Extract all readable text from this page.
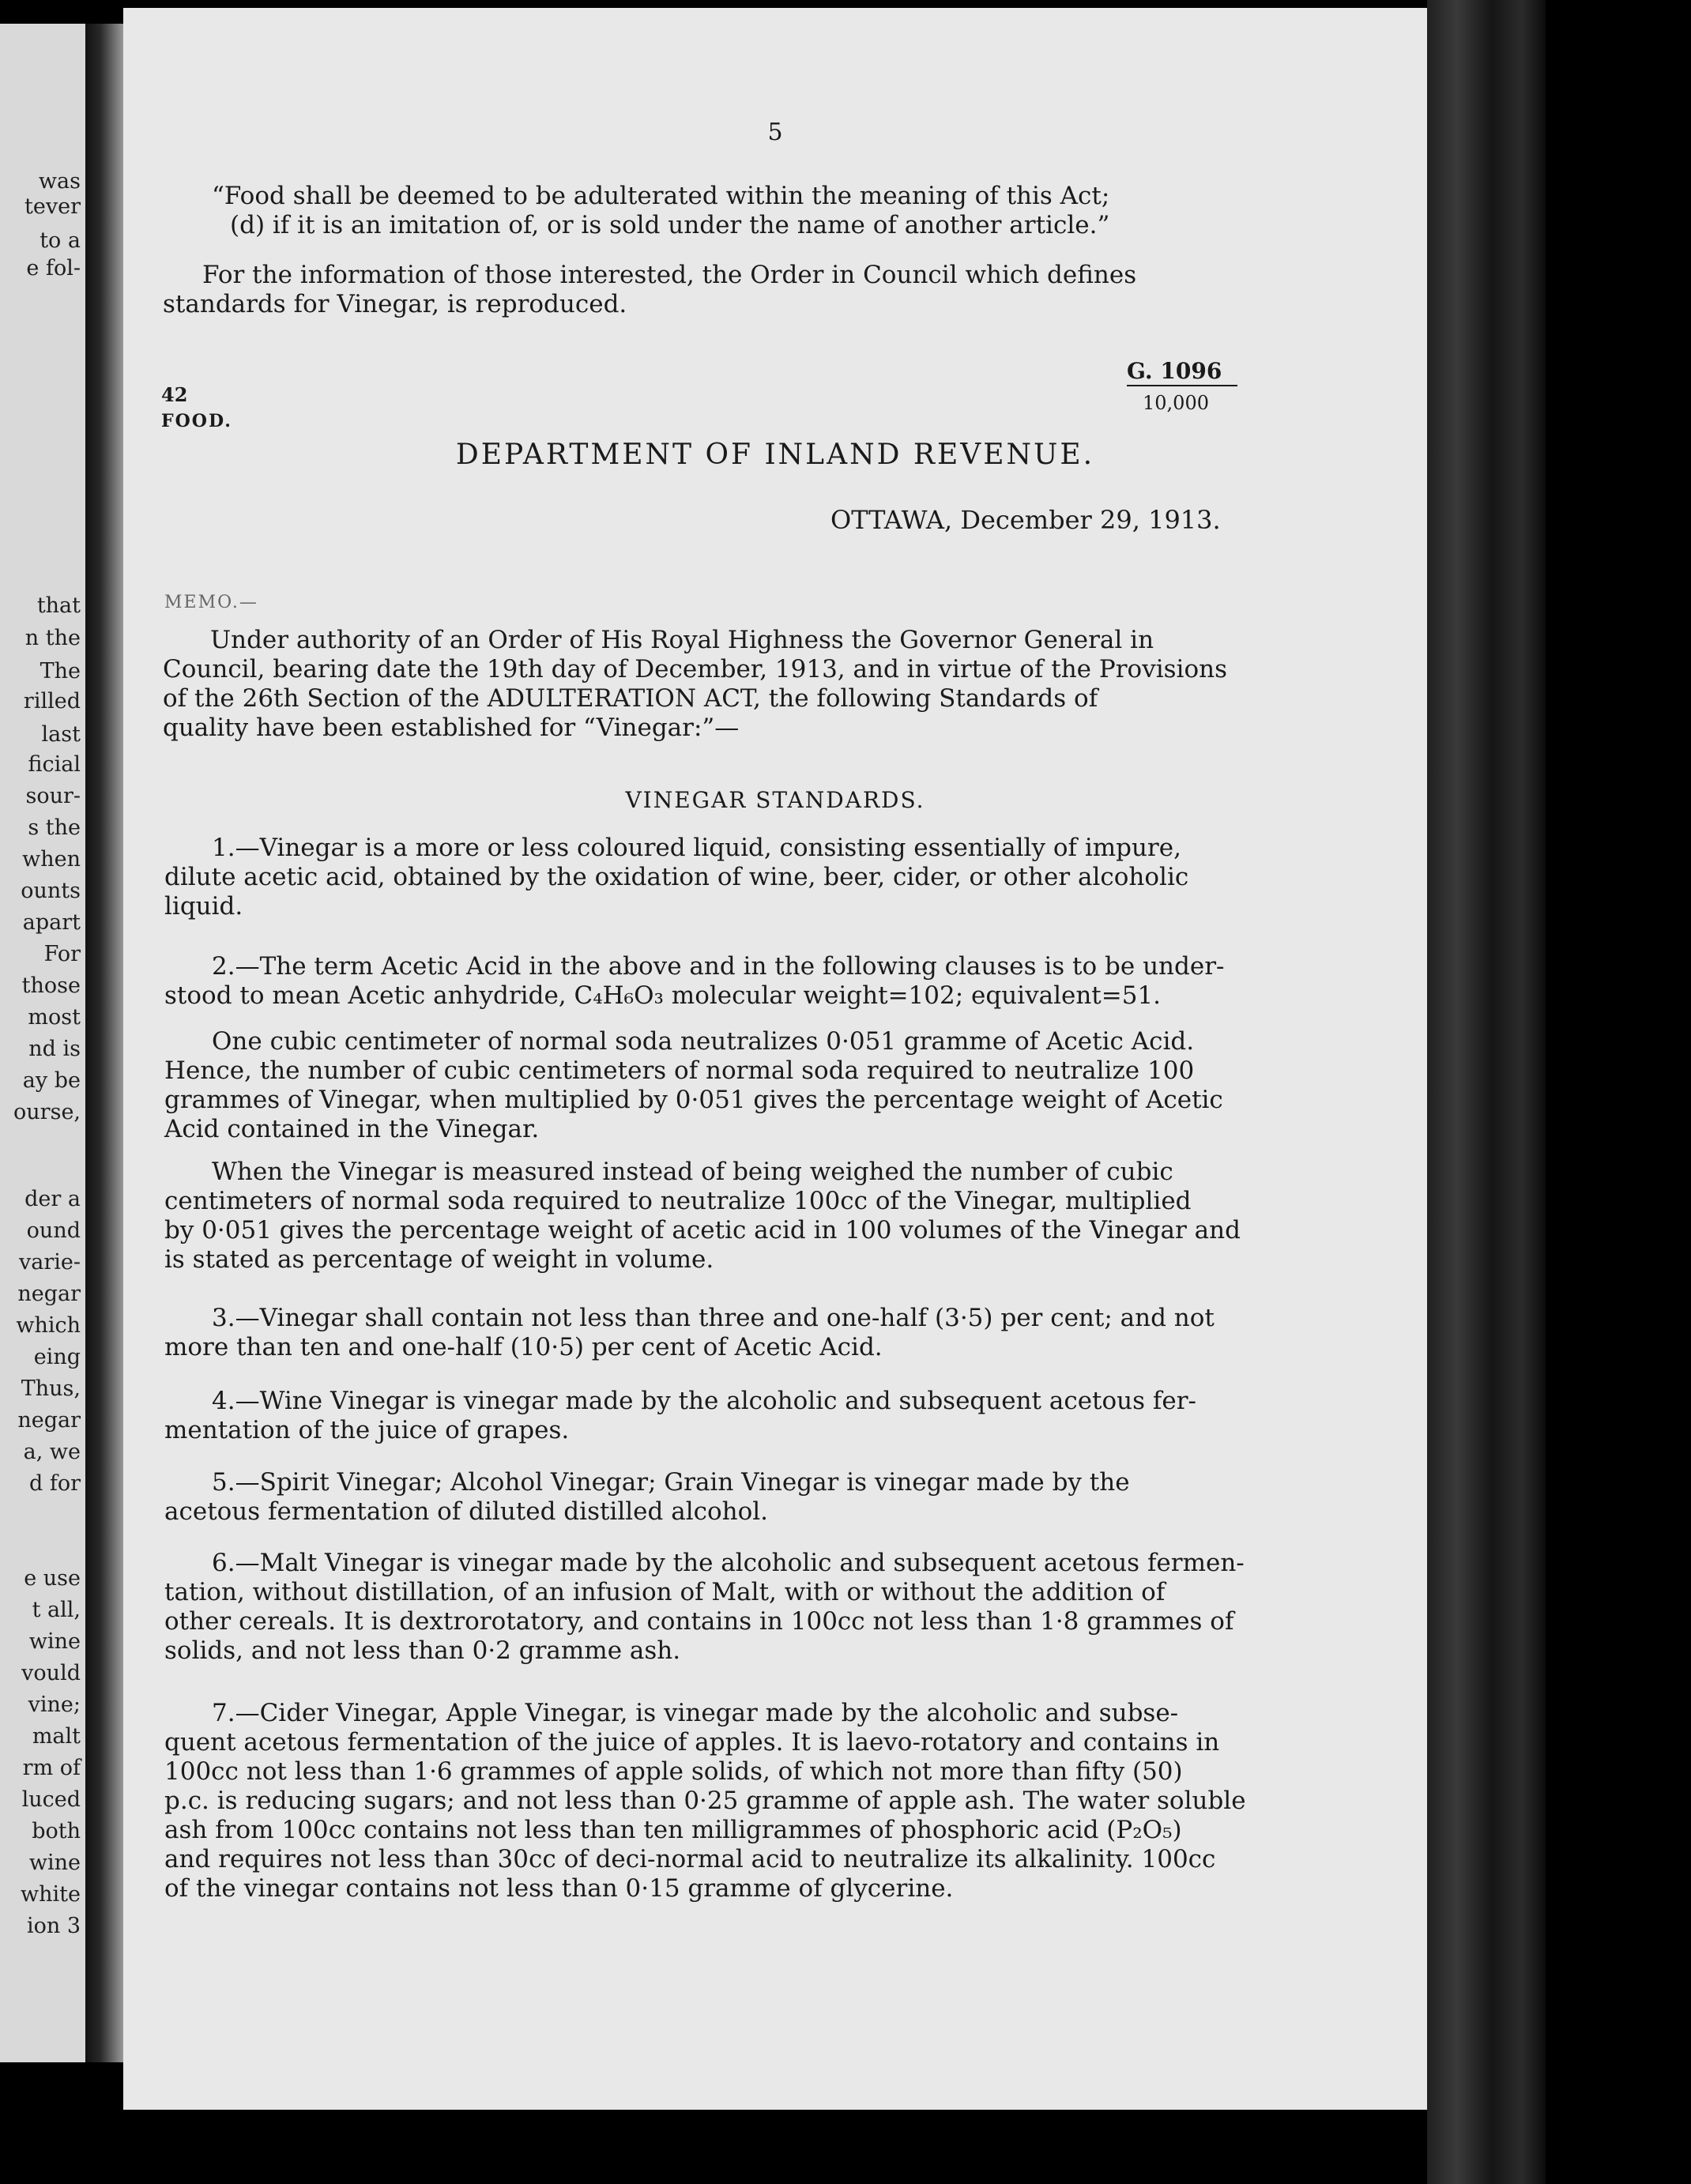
was
tever
to a
e fol-
that
n the
The
rilled
last
ficial
sour-
s the
when
ounts
apart
For
those
most
nd is
ay be
ourse,
der a
ound
varie-
negar
which
eing
Thus,
negar
a, we
d for
e use
t all,
wine
vould
vine;
malt
rm of
luced
both
wine
white
ion 3
5
“Food shall be deemed to be adulterated within the meaning of this Act;
(d) if it is an imitation of, or is sold under the name of another article.”
For the information of those interested, the Order in Council which defines
standards for Vinegar, is reproduced.
42
FOOD.
G. 1096
10,000
DEPARTMENT OF INLAND REVENUE.
OTTAWA, December 29, 1913.
MEMO.—
Under authority of an Order of His Royal Highness the Governor General in
Council, bearing date the 19th day of December, 1913, and in virtue of the Provisions
of the 26th Section of the ADULTERATION ACT, the following Standards of
quality have been established for “Vinegar:”—
VINEGAR STANDARDS.
1.—Vinegar is a more or less coloured liquid, consisting essentially of impure,
dilute acetic acid, obtained by the oxidation of wine, beer, cider, or other alcoholic
liquid.
2.—The term Acetic Acid in the above and in the following clauses is to be under-
stood to mean Acetic anhydride, C₄H₆O₃ molecular weight=102; equivalent=51.
One cubic centimeter of normal soda neutralizes 0·051 gramme of Acetic Acid.
Hence, the number of cubic centimeters of normal soda required to neutralize 100
grammes of Vinegar, when multiplied by 0·051 gives the percentage weight of Acetic
Acid contained in the Vinegar.
When the Vinegar is measured instead of being weighed the number of cubic
centimeters of normal soda required to neutralize 100cc of the Vinegar, multiplied
by 0·051 gives the percentage weight of acetic acid in 100 volumes of the Vinegar and
is stated as percentage of weight in volume.
3.—Vinegar shall contain not less than three and one-half (3·5) per cent; and not
more than ten and one-half (10·5) per cent of Acetic Acid.
4.—Wine Vinegar is vinegar made by the alcoholic and subsequent acetous fer-
mentation of the juice of grapes.
5.—Spirit Vinegar; Alcohol Vinegar; Grain Vinegar is vinegar made by the
acetous fermentation of diluted distilled alcohol.
6.—Malt Vinegar is vinegar made by the alcoholic and subsequent acetous fermen-
tation, without distillation, of an infusion of Malt, with or without the addition of
other cereals. It is dextrorotatory, and contains in 100cc not less than 1·8 grammes of
solids, and not less than 0·2 gramme ash.
7.—Cider Vinegar, Apple Vinegar, is vinegar made by the alcoholic and subse-
quent acetous fermentation of the juice of apples. It is laevo-rotatory and contains in
100cc not less than 1·6 grammes of apple solids, of which not more than fifty (50)
p.c. is reducing sugars; and not less than 0·25 gramme of apple ash. The water soluble
ash from 100cc contains not less than ten milligrammes of phosphoric acid (P₂O₅)
and requires not less than 30cc of deci-normal acid to neutralize its alkalinity. 100cc
of the vinegar contains not less than 0·15 gramme of glycerine.
